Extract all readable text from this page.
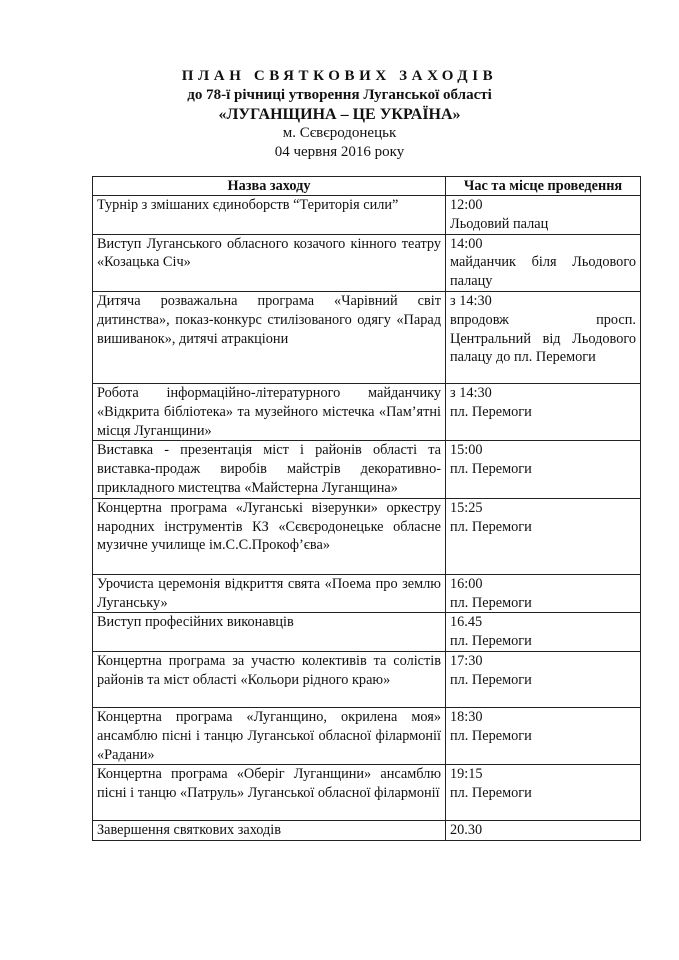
ПЛАН СВЯТКОВИХ ЗАХОДІВ
до 78-ї річниці утворення Луганської області
«ЛУГАНЩИНА – ЦЕ УКРАЇНА»
м. Сєвєродонецьк
04 червня 2016 року
Назва заходу	Час та місце проведення
Турнір з змішаних єдиноборств “Територія сили”	12:00
Льодовий палац

Виступ Луганського обласного козачого кінного театру «Козацька Січ»	14:00
майданчик біля Льодового палацу

Дитяча розважальна програма «Чарівний світ дитинства», показ-конкурс стилізованого одягу «Парад вишиванок», дитячі атракціони	з 14:30
впродовж просп. Центральний від Льодового палацу до пл. Перемоги

Робота інформаційно-літературного майданчику «Відкрита бібліотека» та музейного містечка «Пам’ятні місця Луганщини»	з 14:30
пл. Перемоги

Виставка - презентація міст і районів області та виставка-продаж виробів майстрів декоративно-прикладного мистецтва «Майстерна Луганщина»	15:00
пл. Перемоги

Концертна програма «Луганські візерунки» оркестру народних інструментів КЗ «Сєвєродонецьке обласне музичне училище ім.С.С.Прокоф’єва»	15:25
пл. Перемоги

Урочиста церемонія відкриття свята «Поема про землю Луганську»	16:00
пл. Перемоги

Виступ професійних виконавців	16.45
пл. Перемоги

Концертна програма за участю колективів та солістів районів та міст області «Кольори рідного краю»	17:30
пл. Перемоги

Концертна програма «Луганщино, окрилена моя» ансамблю пісні і танцю Луганської обласної філармонії «Радани»	18:30
пл. Перемоги

Концертна програма «Оберіг Луганщини» ансамблю пісні і танцю «Патруль» Луганської обласної філармонії	19:15
пл. Перемоги

Завершення святкових заходів	20.30
